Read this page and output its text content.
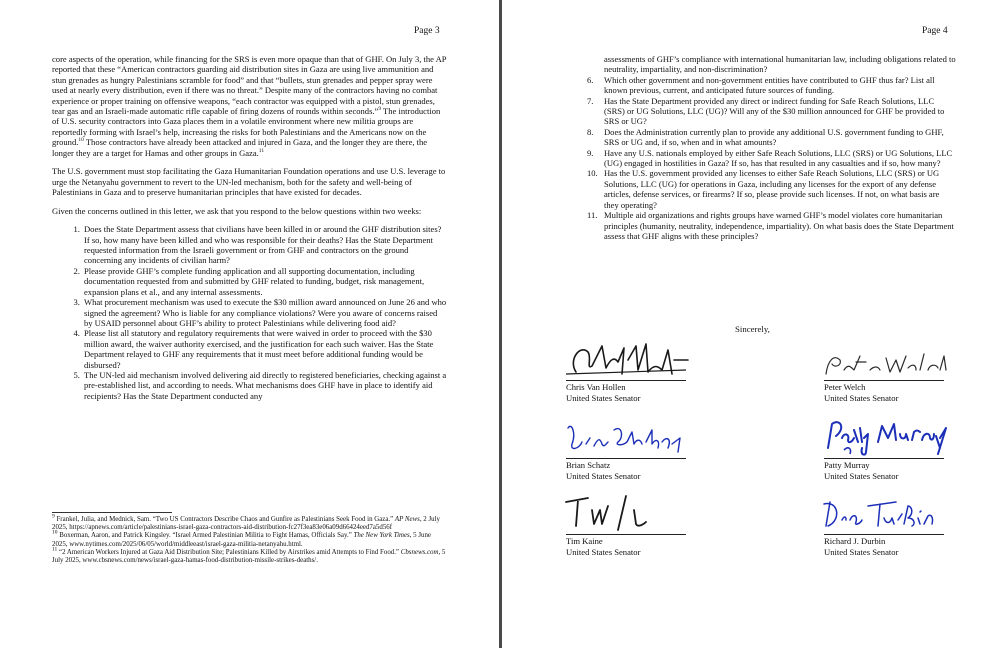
Page 3

core aspects of the operation, while financing for the SRS is even more opaque than that of GHF. On July 3, the AP reported that these “American contractors guarding aid distribution sites in Gaza are using live ammunition and stun grenades as hungry Palestinians scramble for food” and that “bullets, stun grenades and pepper spray were used at nearly every distribution, even if there was no threat.” Despite many of the contractors having no combat experience or proper training on offensive weapons, “each contractor was equipped with a pistol, stun grenades, tear gas and an Israeli-made automatic rifle capable of firing dozens of rounds within seconds.”$^9$ The introduction of U.S. security contractors into Gaza places them in a volatile environment where new militia groups are reportedly forming with Israel’s help, increasing the risks for both Palestinians and the Americans now on the ground.$^{10}$ Those contractors have already been attacked and injured in Gaza, and the longer they are there, the longer they are a target for Hamas and other groups in Gaza.$^{11}$

The U.S. government must stop facilitating the Gaza Humanitarian Foundation operations and use U.S. leverage to urge the Netanyahu government to revert to the UN-led mechanism, both for the safety and well-being of Palestinians in Gaza and to preserve humanitarian principles that have existed for decades.

Given the concerns outlined in this letter, we ask that you respond to the below questions within two weeks:

1. Does the State Department assess that civilians have been killed in or around the GHF distribution sites? If so, how many have been killed and who was responsible for their deaths? Has the State Department requested information from the Israeli government or from GHF and contractors on the ground concerning any incidents of civilian harm?
2. Please provide GHF’s complete funding application and all supporting documentation, including documentation requested from and submitted by GHF related to funding, budget, risk management, expansion plans et al., and any internal assessments.
3. What procurement mechanism was used to execute the $30 million award announced on June 26 and who signed the agreement? Who is liable for any compliance violations? Were you aware of concerns raised by USAID personnel about GHF’s ability to protect Palestinians while delivering food aid?
4. Please list all statutory and regulatory requirements that were waived in order to proceed with the $30 million award, the waiver authority exercised, and the justification for each such waiver. Has the State Department relayed to GHF any requirements that it must meet before additional funding would be disbursed?
5. The UN-led aid mechanism involved delivering aid directly to registered beneficiaries, checking against a pre-established list, and according to needs. What mechanisms does GHF have in place to identify aid recipients? Has the State Department conducted any

$^9$ Frankel, Julia, and Mednick, Sam. “Two US Contractors Describe Chaos and Gunfire as Palestinians Seek Food in Gaza.” AP News, 2 July 2025, https://apnews.com/article/palestinians-israel-gaza-contractors-aid-distribution-fc27f3ea83e06a09d66424eed7a5d56f

$^{10}$ Boxerman, Aaron, and Patrick Kingsley. “Israel Armed Palestinian Militia to Fight Hamas, Officials Say.” The New York Times, 5 June 2025, www.nytimes.com/2025/06/05/world/middleeast/israel-gaza-militia-netanyahu.html.

$^{11}$ “2 American Workers Injured at Gaza Aid Distribution Site; Palestinians Killed by Airstrikes amid Attempts to Find Food.” Cbsnews.com, 5 July 2025, www.cbsnews.com/news/israel-gaza-hamas-food-distribution-missile-strikes-deaths/.

Page 4
assessments of GHF’s compliance with international humanitarian law, including obligations related to neutrality, impartiality, and non-discrimination?
6. Which other government and non-government entities have contributed to GHF thus far? List all known previous, current, and anticipated future sources of funding.
7. Has the State Department provided any direct or indirect funding for Safe Reach Solutions, LLC (SRS) or UG Solutions, LLC (UG)? Will any of the $30 million announced for GHF be provided to SRS or UG?
8. Does the Administration currently plan to provide any additional U.S. government funding to GHF, SRS or UG and, if so, when and in what amounts?
9. Have any U.S. nationals employed by either Safe Reach Solutions, LLC (SRS) or UG Solutions, LLC (UG) engaged in hostilities in Gaza? If so, has that resulted in any casualties and if so, how many?
10. Has the U.S. government provided any licenses to either Safe Reach Solutions, LLC (SRS) or UG Solutions, LLC (UG) for operations in Gaza, including any licenses for the export of any defense articles, defense services, or firearms? If so, please provide such licenses. If not, on what basis are they operating?
11. Multiple aid organizations and rights groups have warned GHF’s model violates core humanitarian principles (humanity, neutrality, independence, impartiality). On what basis does the State Department assess that GHF aligns with these principles?
Sincerely,
Chris Van Hollen
United States Senator
Peter Welch
United States Senator
Brian Schatz
United States Senator
Patty Murray
United States Senator
Tim Kaine
United States Senator
Richard J. Durbin
United States Senator
